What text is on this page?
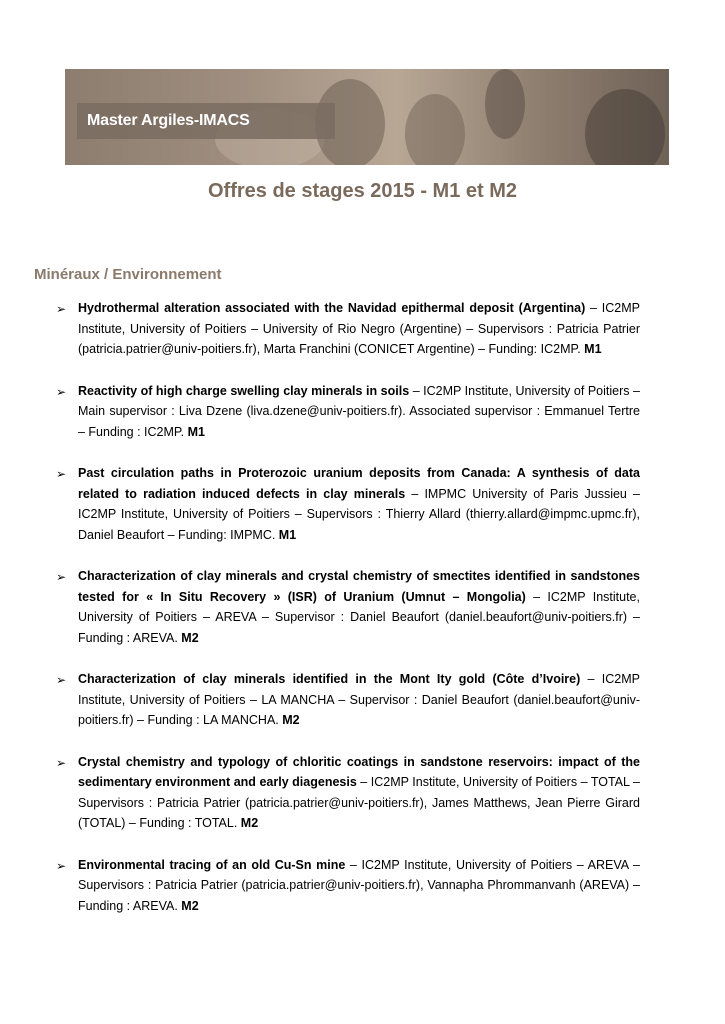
Master Argiles-IMACS
Offres de stages 2015 - M1 et M2
Minéraux / Environnement
➢ Hydrothermal alteration associated with the Navidad epithermal deposit (Argentina) – IC2MP Institute, University of Poitiers – University of Rio Negro (Argentine) – Supervisors : Patricia Patrier (patricia.patrier@univ-poitiers.fr), Marta Franchini (CONICET Argentine) – Funding: IC2MP. M1
➢ Reactivity of high charge swelling clay minerals in soils – IC2MP Institute, University of Poitiers – Main supervisor : Liva Dzene (liva.dzene@univ-poitiers.fr). Associated supervisor : Emmanuel Tertre – Funding : IC2MP. M1
➢ Past circulation paths in Proterozoic uranium deposits from Canada: A synthesis of data related to radiation induced defects in clay minerals – IMPMC University of Paris Jussieu – IC2MP Institute, University of Poitiers – Supervisors : Thierry Allard (thierry.allard@impmc.upmc.fr), Daniel Beaufort – Funding: IMPMC. M1
➢ Characterization of clay minerals and crystal chemistry of smectites identified in sandstones tested for « In Situ Recovery » (ISR) of Uranium (Umnut – Mongolia) – IC2MP Institute, University of Poitiers – AREVA – Supervisor : Daniel Beaufort (daniel.beaufort@univ-poitiers.fr) – Funding : AREVA. M2
➢ Characterization of clay minerals identified in the Mont Ity gold (Côte d’Ivoire) – IC2MP Institute, University of Poitiers – LA MANCHA – Supervisor : Daniel Beaufort (daniel.beaufort@univ-poitiers.fr) – Funding : LA MANCHA. M2
➢ Crystal chemistry and typology of chloritic coatings in sandstone reservoirs: impact of the sedimentary environment and early diagenesis – IC2MP Institute, University of Poitiers – TOTAL – Supervisors : Patricia Patrier (patricia.patrier@univ-poitiers.fr), James Matthews, Jean Pierre Girard (TOTAL) – Funding : TOTAL. M2
➢ Environmental tracing of an old Cu-Sn mine – IC2MP Institute, University of Poitiers – AREVA – Supervisors : Patricia Patrier (patricia.patrier@univ-poitiers.fr), Vannapha Phrommanvanh (AREVA) – Funding : AREVA. M2
